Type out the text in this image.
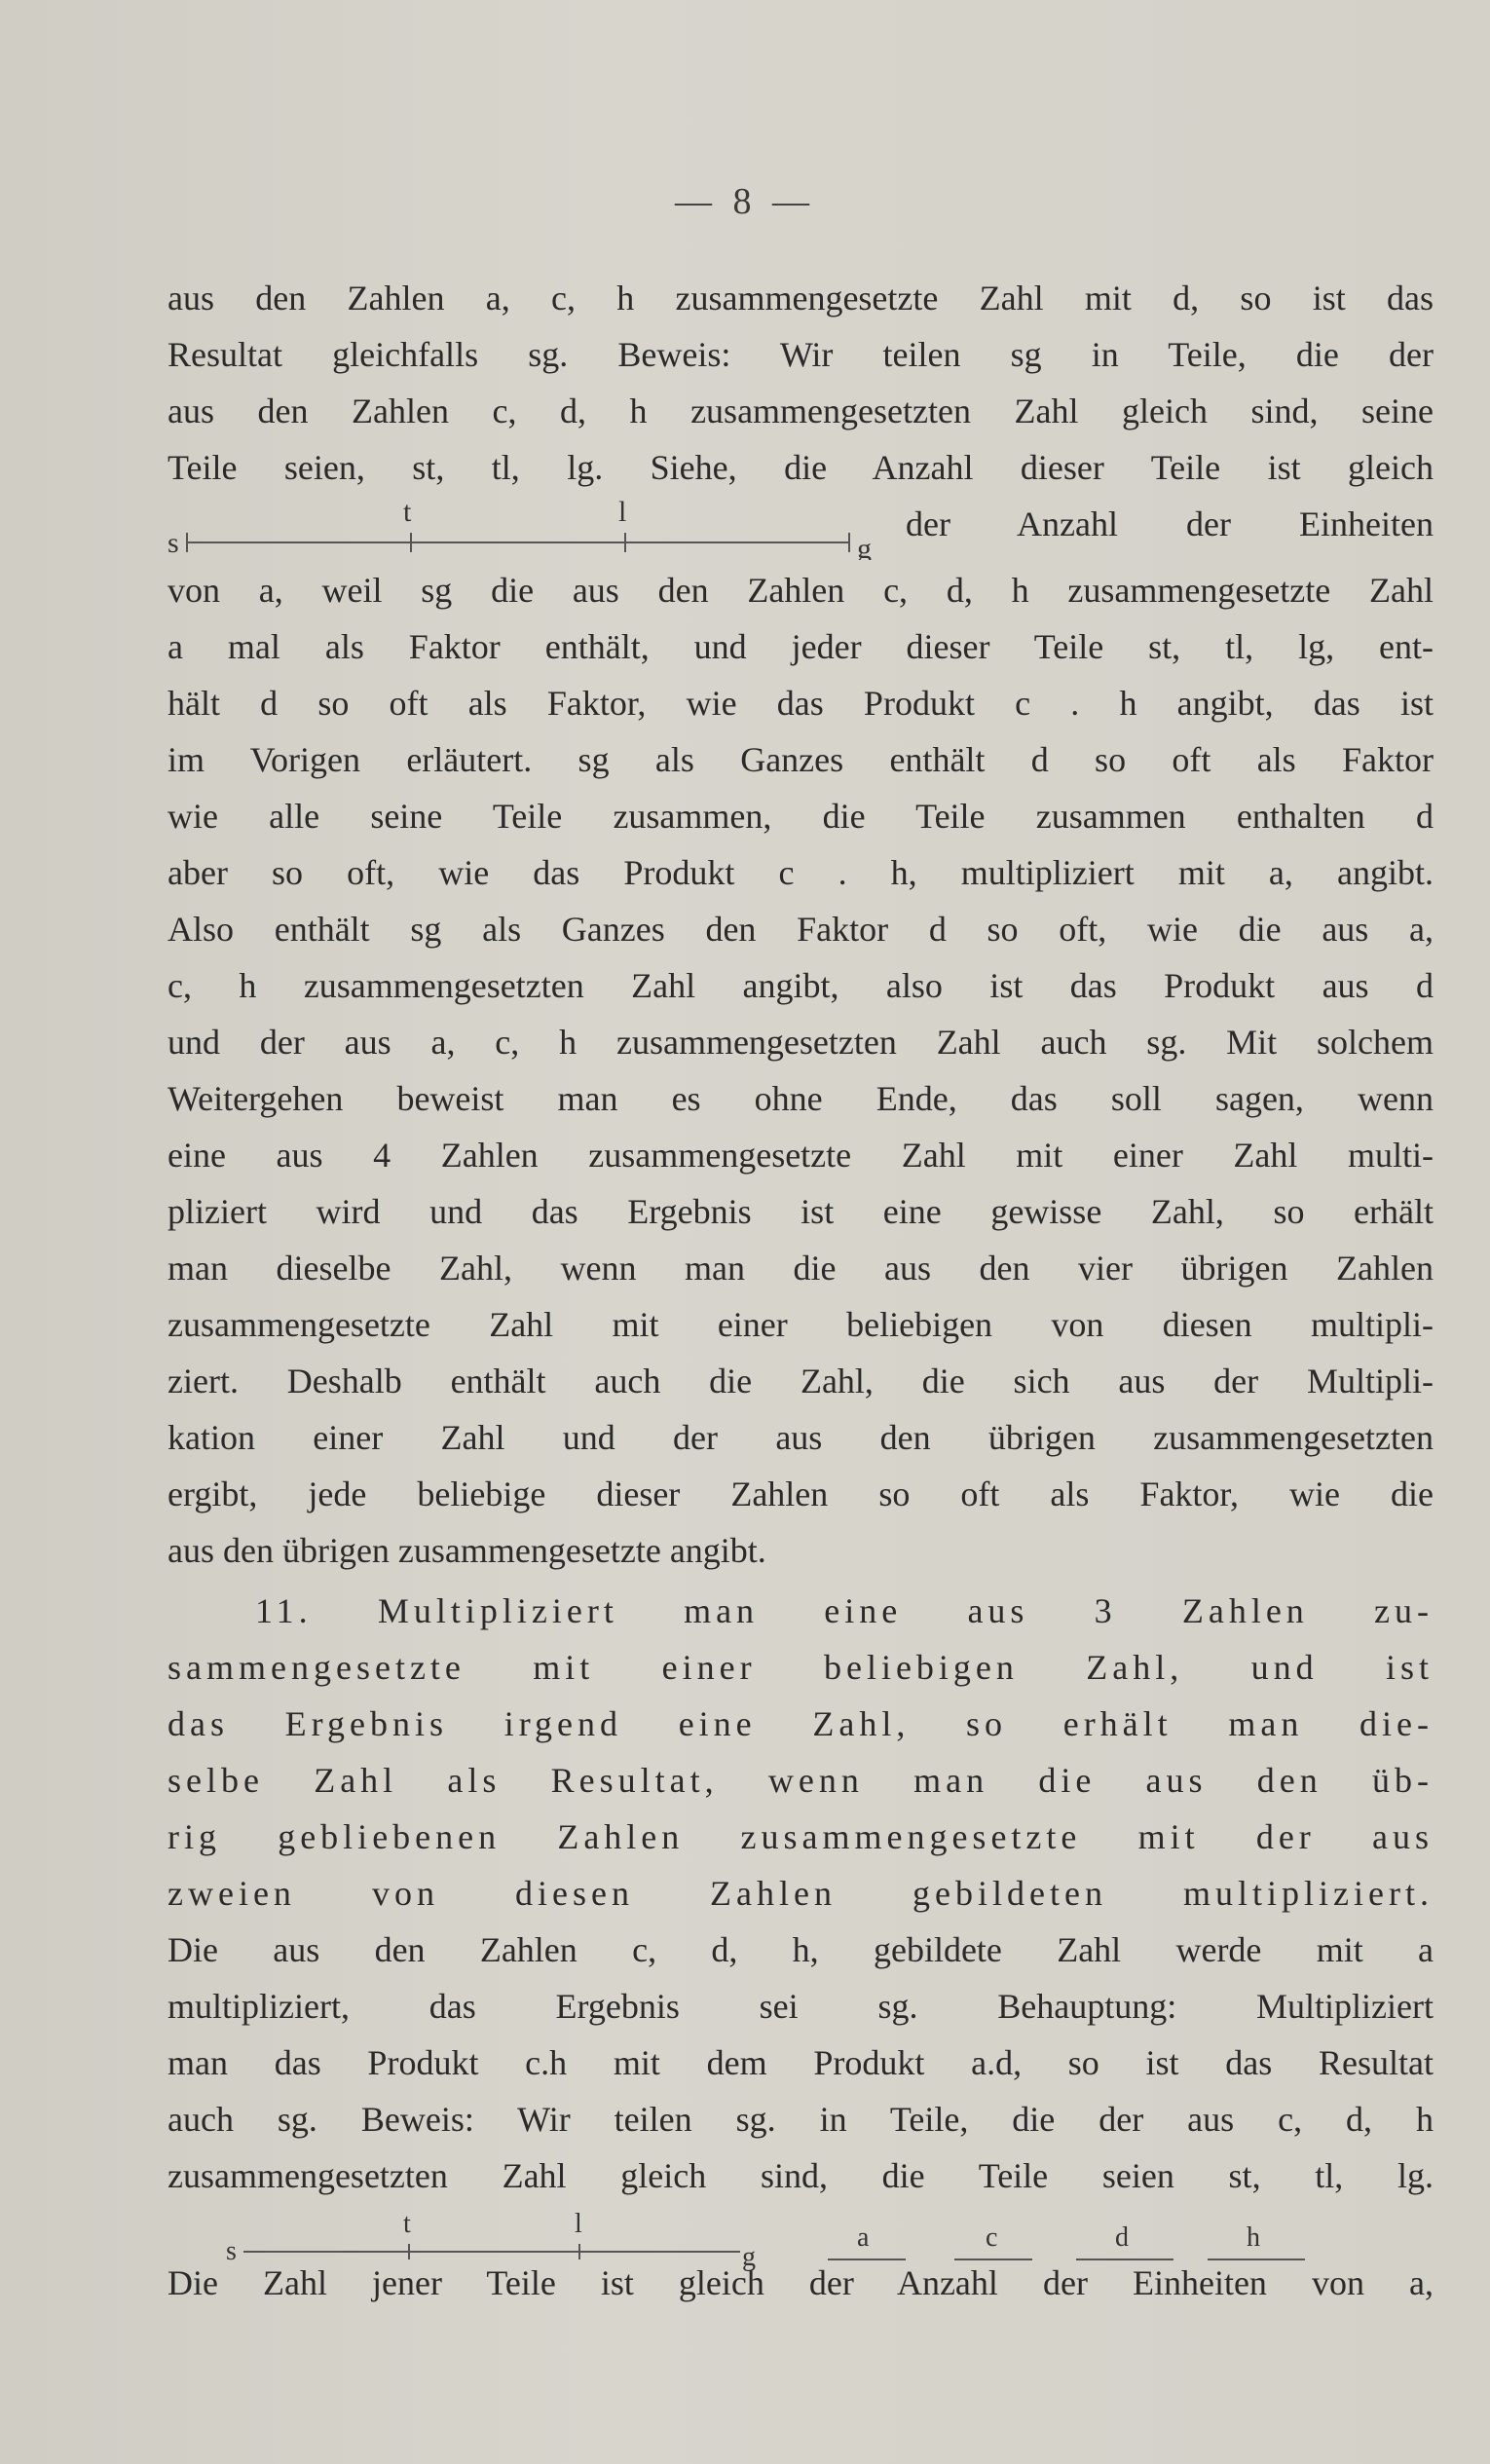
— 8 —
aus den Zahlen a, c, h zusammengesetzte Zahl mit d, so ist das
Resultat gleichfalls sg. Beweis: Wir teilen sg in Teile, die der
aus den Zahlen c, d, h zusammengesetzten Zahl gleich sind, seine
Teile seien, st, tl, lg. Siehe, die Anzahl dieser Teile ist gleich
s
t	l
g
der Anzahl der Einheiten
von a, weil sg die aus den Zahlen c, d, h zusammengesetzte Zahl
a mal als Faktor enthält, und jeder dieser Teile st, tl, lg, ent-
hält d so oft als Faktor, wie das Produkt c . h angibt, das ist
im Vorigen erläutert. sg als Ganzes enthält d so oft als Faktor
wie alle seine Teile zusammen, die Teile zusammen enthalten d
aber so oft, wie das Produkt c . h, multipliziert mit a, angibt.
Also enthält sg als Ganzes den Faktor d so oft, wie die aus a,
c, h zusammengesetzten Zahl angibt, also ist das Produkt aus d
und der aus a, c, h zusammengesetzten Zahl auch sg. Mit solchem
Weitergehen beweist man es ohne Ende, das soll sagen, wenn
eine aus 4 Zahlen zusammengesetzte Zahl mit einer Zahl multi-
pliziert wird und das Ergebnis ist eine gewisse Zahl, so erhält
man dieselbe Zahl, wenn man die aus den vier übrigen Zahlen
zusammengesetzte Zahl mit einer beliebigen von diesen multipli-
ziert. Deshalb enthält auch die Zahl, die sich aus der Multipli-
kation einer Zahl und der aus den übrigen zusammengesetzten
ergibt, jede beliebige dieser Zahlen so oft als Faktor, wie die
aus den übrigen zusammengesetzte angibt.
11. Multipliziert man eine aus 3 Zahlen zu-
sammengesetzte mit einer beliebigen Zahl, und ist
das Ergebnis irgend eine Zahl, so erhält man die-
selbe Zahl als Resultat, wenn man die aus den üb-
rig gebliebenen Zahlen zusammengesetzte mit der aus
zweien von diesen Zahlen gebildeten multipliziert.
Die aus den Zahlen c, d, h, gebildete Zahl werde mit a
multipliziert, das Ergebnis sei sg. Behauptung: Multipliziert
man das Produkt c.h mit dem Produkt a.d, so ist das Resultat
auch sg. Beweis: Wir teilen sg. in Teile, die der aus c, d, h
zusammengesetzten Zahl gleich sind, die Teile seien st, tl, lg.
s
t	l
g
a	c	d	h
Die Zahl jener Teile ist gleich der Anzahl der Einheiten von a,
